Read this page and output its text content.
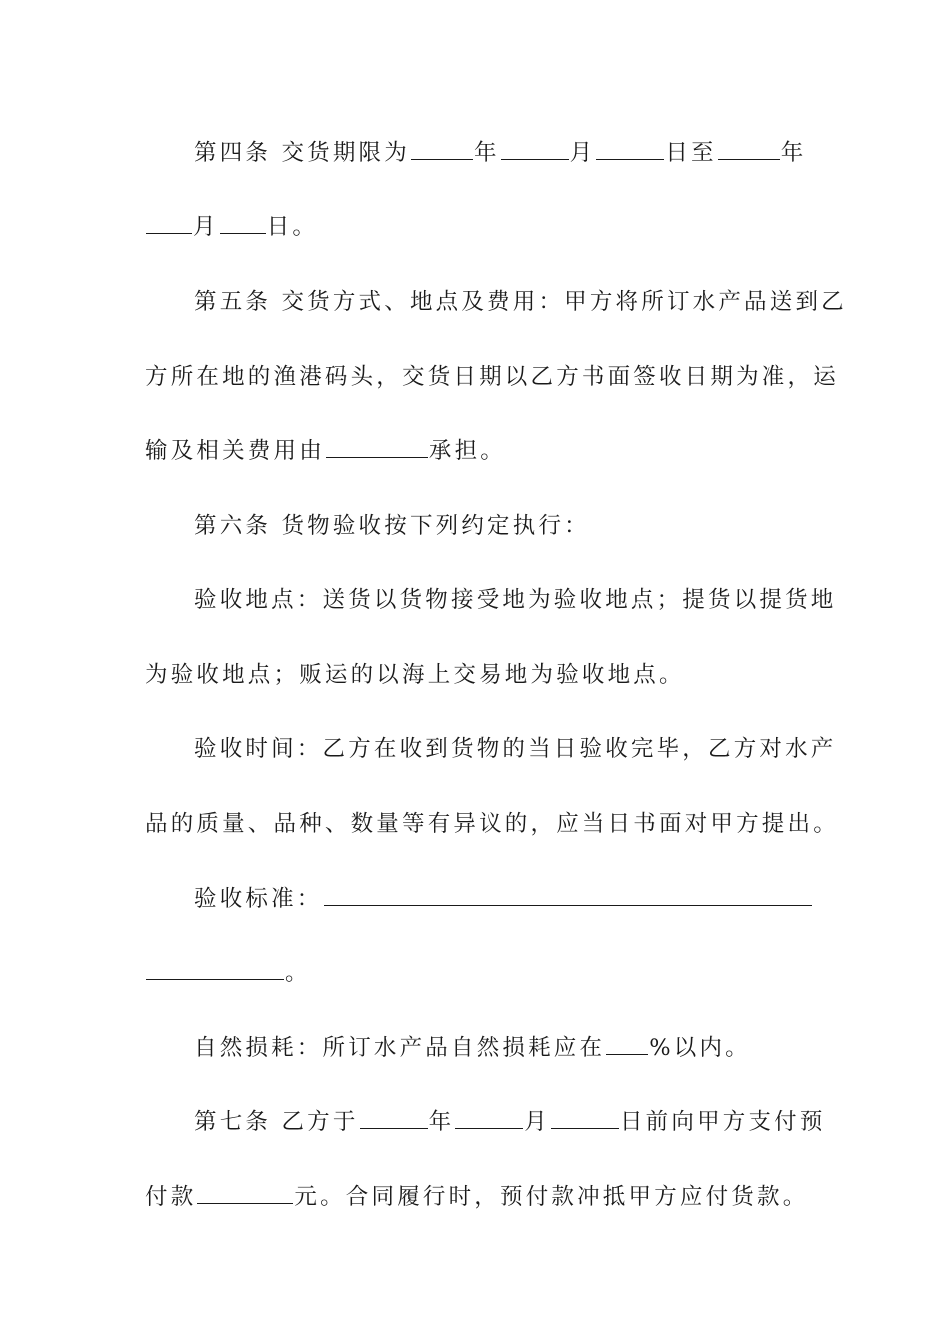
第四条 交货期限为	年	月	日至	年
月 日。
第五条 交货方式、地点及费用：甲方将所订水产品送到乙
方所在地的渔港码头，交货日期以乙方书面签收日期为准，运
输及相关费用由	承担。
第六条 货物验收按下列约定执行：
验收地点：送货以货物接受地为验收地点；提货以提货地
为验收地点；贩运的以海上交易地为验收地点。
验收时间：乙方在收到货物的当日验收完毕，乙方对水产
品的质量、品种、数量等有异议的，应当日书面对甲方提出。
验收标准：
。
自然损耗：所订水产品自然损耗应在 %以内。
第七条 乙方于	年	月	日前向甲方支付预
付款	元。合同履行时，预付款冲抵甲方应付货款。
